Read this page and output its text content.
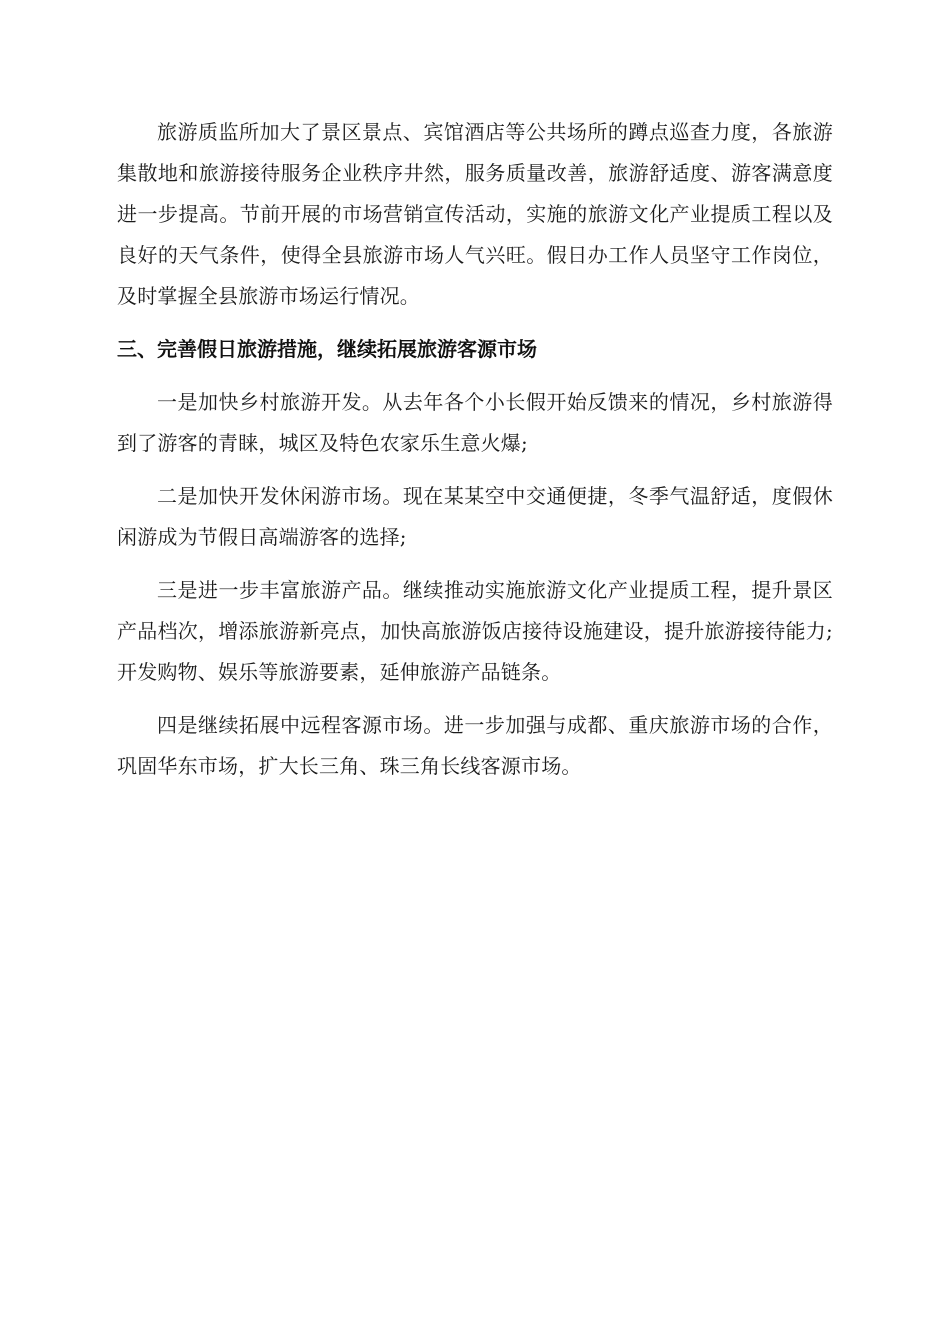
旅游质监所加大了景区景点、宾馆酒店等公共场所的蹲点巡查力度，各旅游集散地和旅游接待服务企业秩序井然，服务质量改善，旅游舒适度、游客满意度进一步提高。节前开展的市场营销宣传活动，实施的旅游文化产业提质工程以及良好的天气条件，使得全县旅游市场人气兴旺。假日办工作人员坚守工作岗位，及时掌握全县旅游市场运行情况。

三、完善假日旅游措施，继续拓展旅游客源市场

一是加快乡村旅游开发。从去年各个小长假开始反馈来的情况，乡村旅游得到了游客的青睐，城区及特色农家乐生意火爆;

二是加快开发休闲游市场。现在某某空中交通便捷，冬季气温舒适，度假休闲游成为节假日高端游客的选择;

三是进一步丰富旅游产品。继续推动实施旅游文化产业提质工程，提升景区产品档次，增添旅游新亮点，加快高旅游饭店接待设施建设，提升旅游接待能力;开发购物、娱乐等旅游要素，延伸旅游产品链条。

四是继续拓展中远程客源市场。进一步加强与成都、重庆旅游市场的合作，巩固华东市场，扩大长三角、珠三角长线客源市场。
